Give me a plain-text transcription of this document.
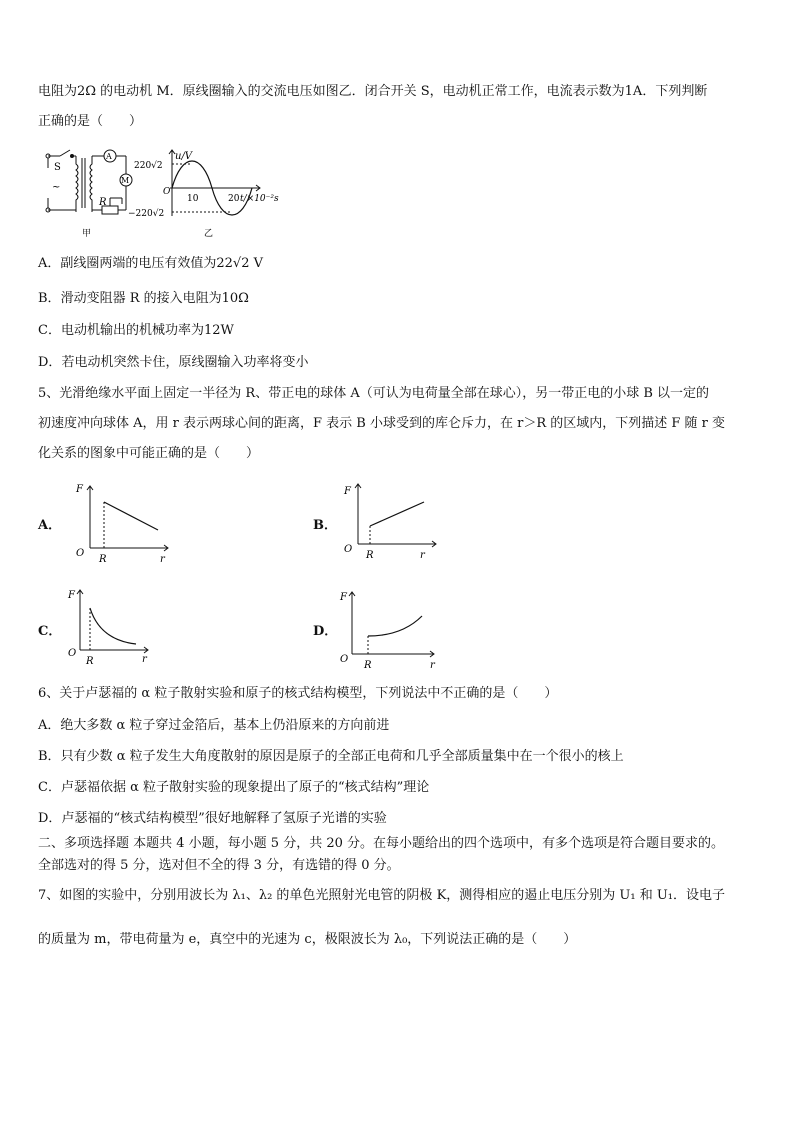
电阻为2Ω 的电动机 M．原线圈输入的交流电压如图乙．闭合开关 S，电动机正常工作，电流表示数为1A．下列判断
正确的是（　　）
S
A
M
R
~
甲
u/V
220√2
−220√2
O
10	20 t/×10⁻²s
乙
A．副线圈两端的电压有效值为22√2 V
B．滑动变阻器 R 的接入电阻为10Ω
C．电动机输出的机械功率为12W
D．若电动机突然卡住，原线圈输入功率将变小
5、光滑绝缘水平面上固定一半径为 R、带正电的球体 A（可认为电荷量全部在球心），另一带正电的小球 B 以一定的
初速度冲向球体 A，用 r 表示两球心间的距离，F 表示 B 小球受到的库仑斥力，在 r＞R 的区域内，下列描述 F 随 r 变
化关系的图象中可能正确的是（　　）
A．
F
O
R	r
B．
F
O
R	r
C．
F
O
R	r
D．
F
O
R	r
6、关于卢瑟福的 α 粒子散射实验和原子的核式结构模型，下列说法中不正确的是（　　）
A．绝大多数 α 粒子穿过金箔后，基本上仍沿原来的方向前进
B．只有少数 α 粒子发生大角度散射的原因是原子的全部正电荷和几乎全部质量集中在一个很小的核上
C．卢瑟福依据 α 粒子散射实验的现象提出了原子的“核式结构”理论
D．卢瑟福的“核式结构模型”很好地解释了氢原子光谱的实验
二、多项选择题 本题共 4 小题，每小题 5 分，共 20 分。在每小题给出的四个选项中，有多个选项是符合题目要求的。
全部选对的得 5 分，选对但不全的得 3 分，有选错的得 0 分。
7、如图的实验中，分别用波长为 λ₁、λ₂ 的单色光照射光电管的阴极 K，测得相应的遏止电压分别为 U₁ 和 U₁．设电子
的质量为 m，带电荷量为 e，真空中的光速为 c，极限波长为 λ₀，下列说法正确的是（　　）
